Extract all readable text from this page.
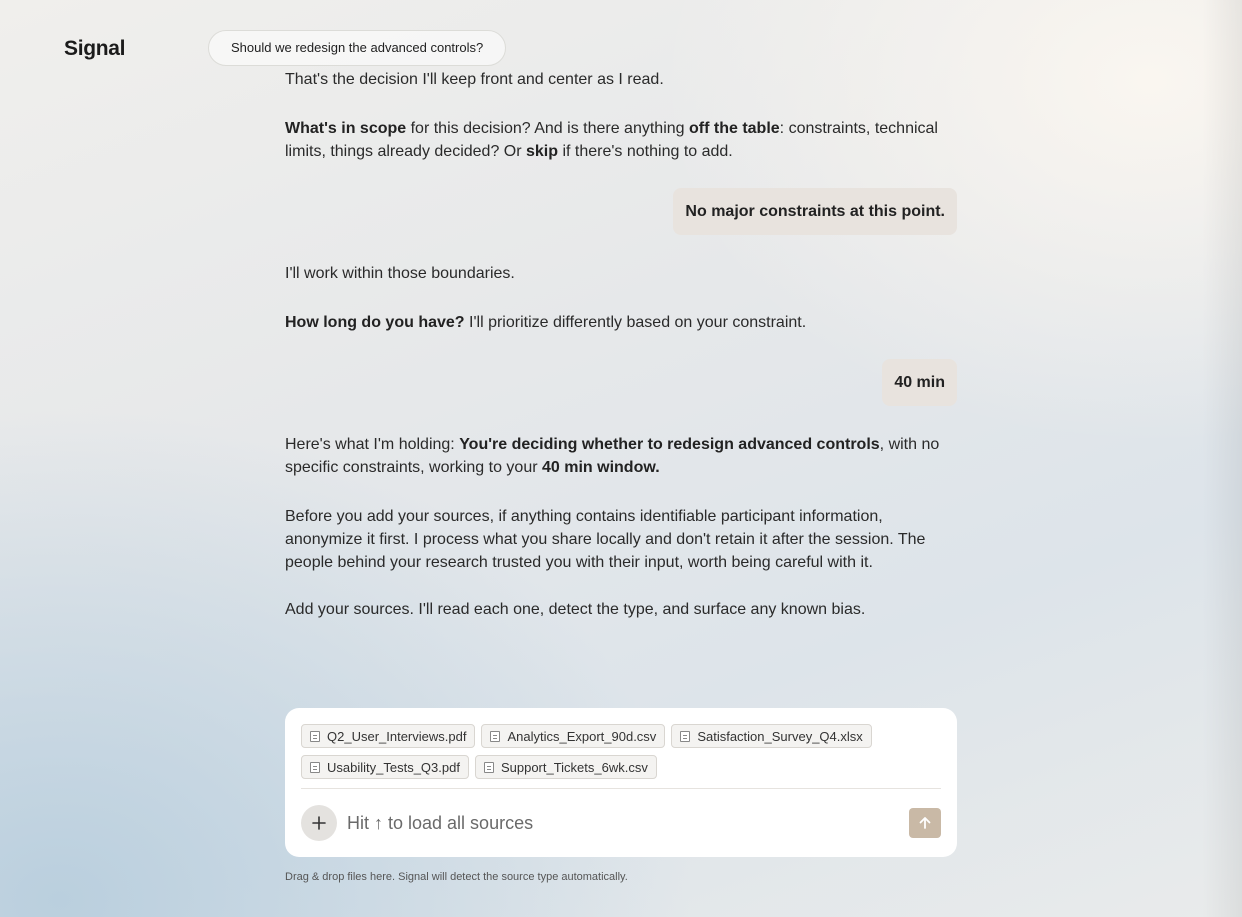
Signal	Should we redesign the advanced controls?
That's the decision I'll keep front and center as I read.
What's in scope for this decision? And is there anything off the table: constraints, technical limits, things already decided? Or skip if there's nothing to add.
No major constraints at this point.
I'll work within those boundaries.
How long do you have? I'll prioritize differently based on your constraint.
40 min
Here's what I'm holding: You're deciding whether to redesign advanced controls, with no specific constraints, working to your 40 min window.
Before you add your sources, if anything contains identifiable participant information, anonymize it first. I process what you share locally and don't retain it after the session. The people behind your research trusted you with their input, worth being careful with it.
Add your sources. I'll read each one, detect the type, and surface any known bias.
Q2_User_Interviews.pdf	Analytics_Export_90d.csv	Satisfaction_Survey_Q4.xlsx
Usability_Tests_Q3.pdf	Support_Tickets_6wk.csv
Hit ↑ to load all sources
Drag & drop files here. Signal will detect the source type automatically.
